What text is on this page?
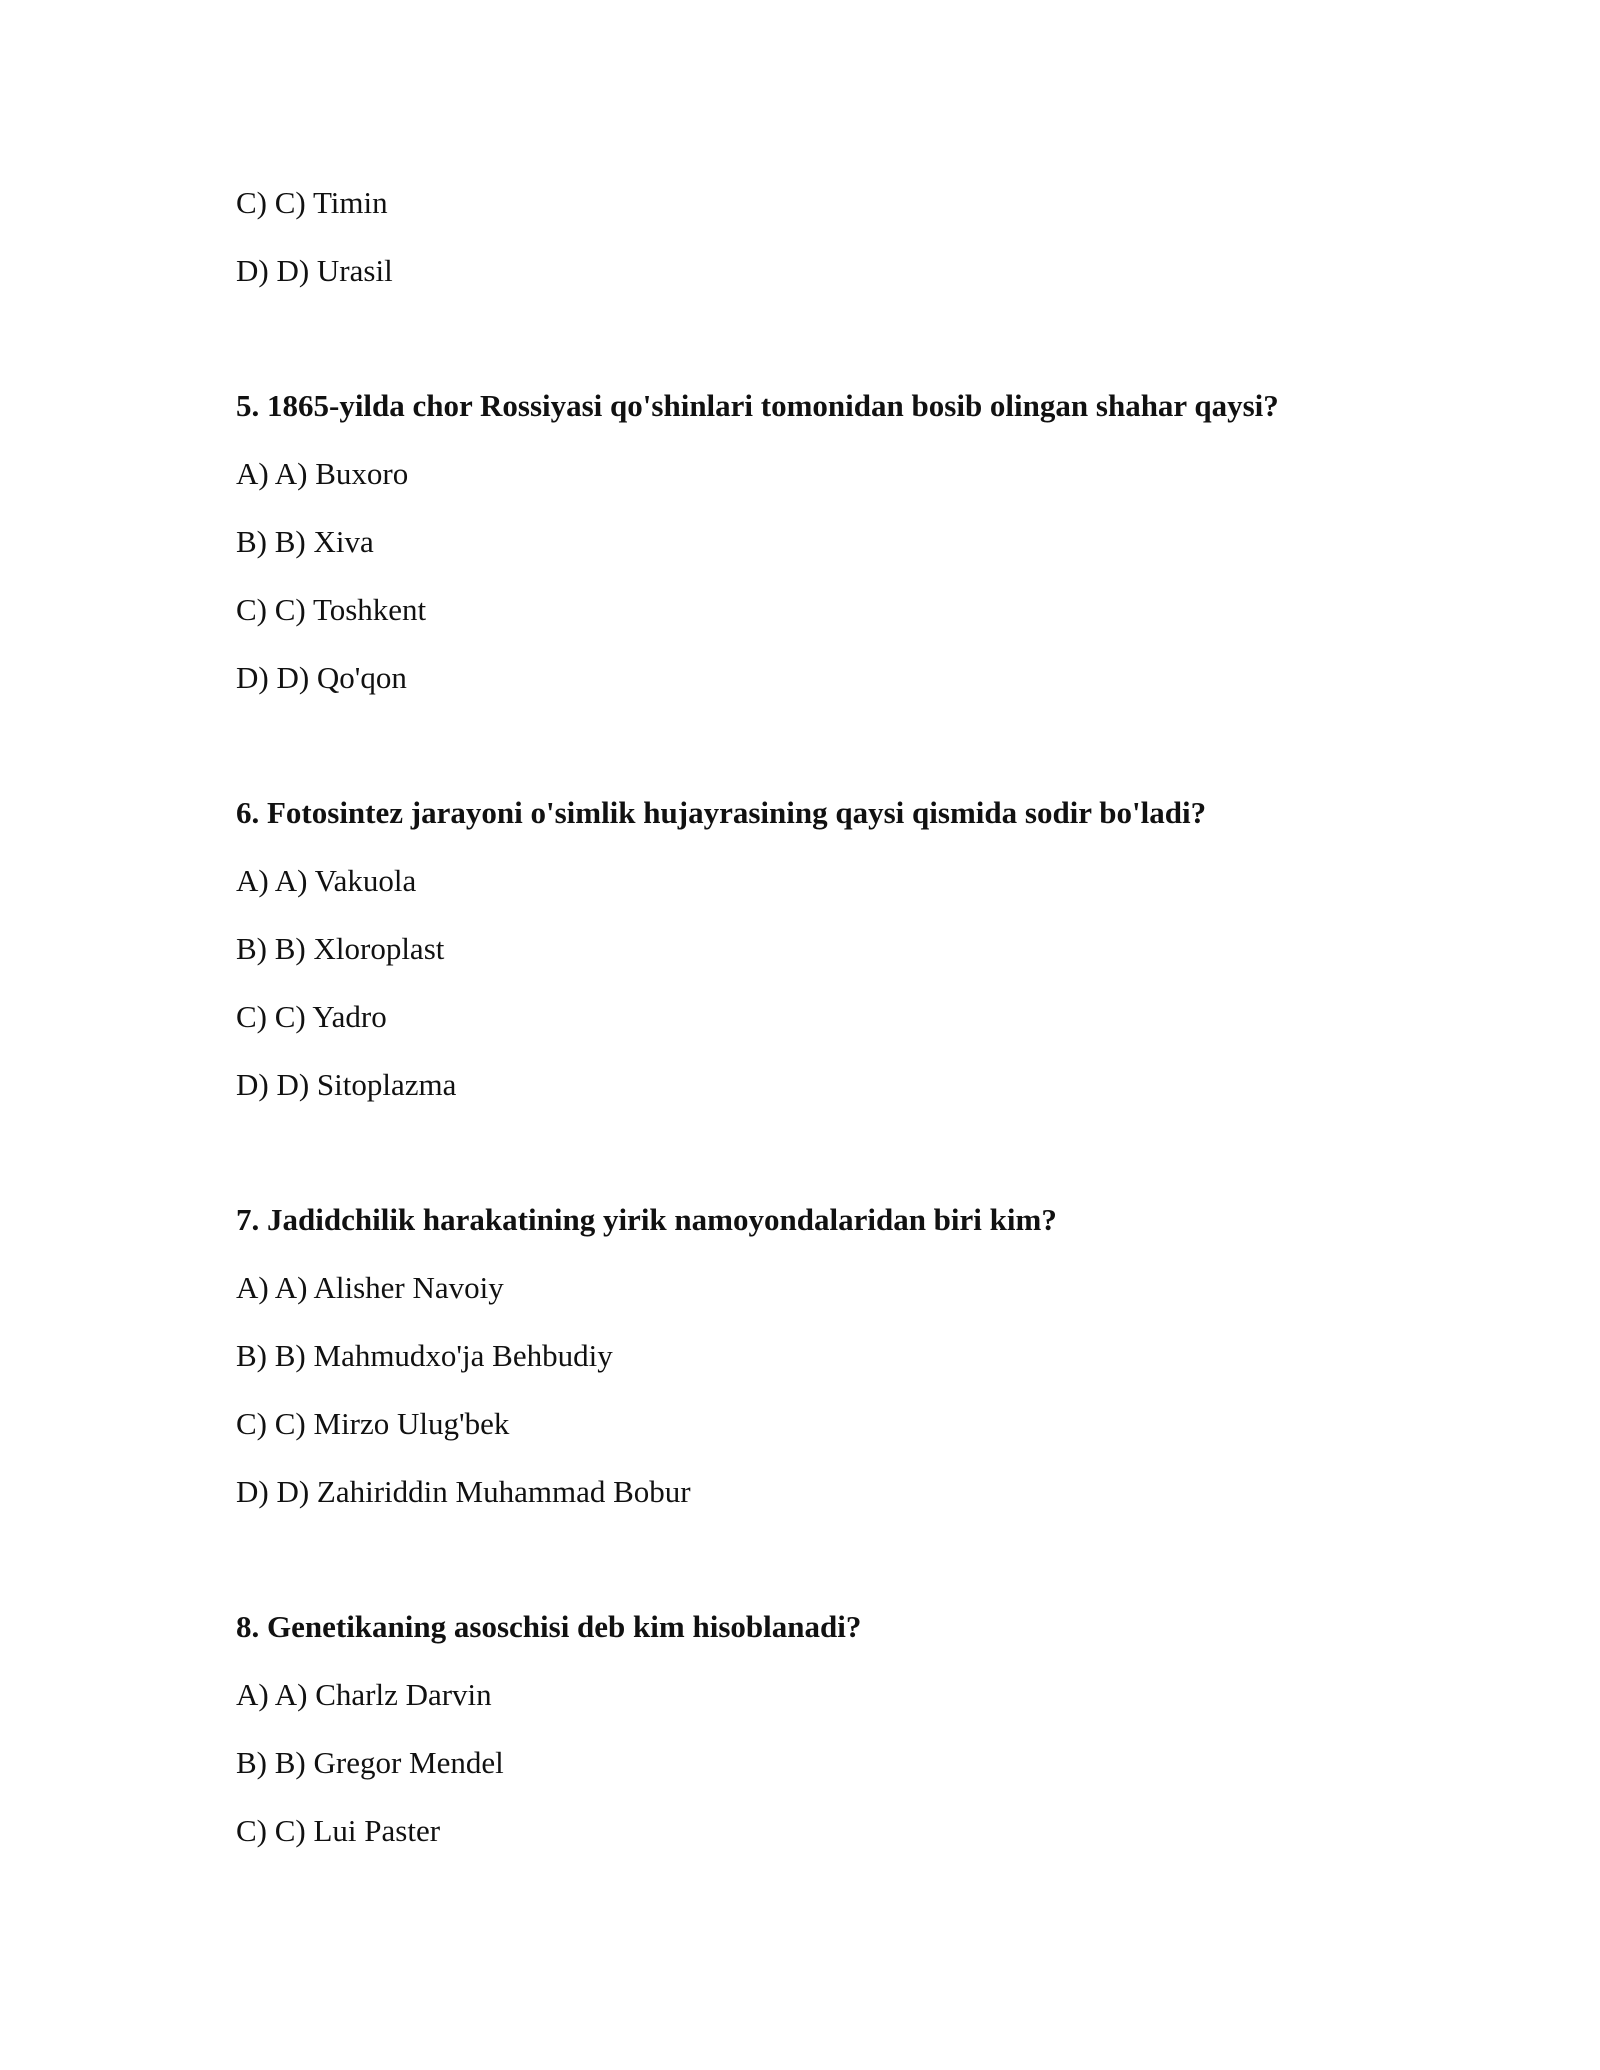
C) C) Timin
D) D) Urasil
5. 1865-yilda chor Rossiyasi qo'shinlari tomonidan bosib olingan shahar qaysi?
A) A) Buxoro
B) B) Xiva
C) C) Toshkent
D) D) Qo'qon
6. Fotosintez jarayoni o'simlik hujayrasining qaysi qismida sodir bo'ladi?
A) A) Vakuola
B) B) Xloroplast
C) C) Yadro
D) D) Sitoplazma
7. Jadidchilik harakatining yirik namoyondalaridan biri kim?
A) A) Alisher Navoiy
B) B) Mahmudxo'ja Behbudiy
C) C) Mirzo Ulug'bek
D) D) Zahiriddin Muhammad Bobur
8. Genetikaning asoschisi deb kim hisoblanadi?
A) A) Charlz Darvin
B) B) Gregor Mendel
C) C) Lui Paster
